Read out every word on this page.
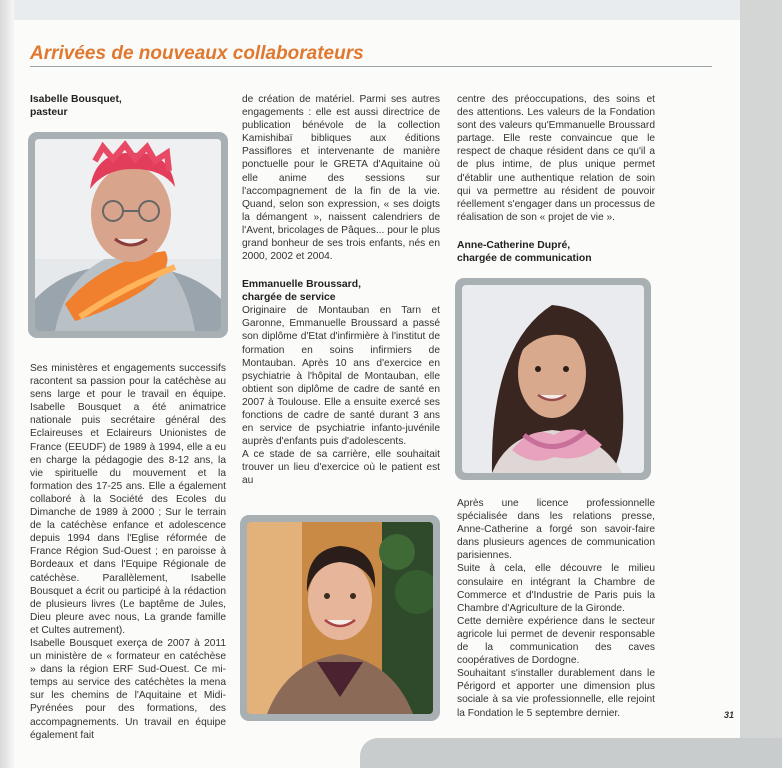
Arrivées de nouveaux collaborateurs
Isabelle Bousquet,
pasteur

Ses ministères et engagements successifs racontent sa passion pour la catéchèse au sens large et pour le travail en équipe. Isabelle Bousquet a été animatrice nationale puis secrétaire général des Eclaireuses et Eclaireurs Unionistes de France (EEUDF) de 1989 à 1994, elle a eu en charge la pédagogie des 8-12 ans, la vie spirituelle du mouvement et la formation des 17-25 ans. Elle a également collaboré à la Société des Ecoles du Dimanche de 1989 à 2000 ; Sur le terrain de la catéchèse enfance et adolescence depuis 1994 dans l'Eglise réformée de France Région Sud-Ouest ; en paroisse à Bordeaux et dans l'Equipe Régionale de catéchèse. Parallèlement, Isabelle Bousquet a écrit ou participé à la rédaction de plusieurs livres (Le baptême de Jules, Dieu pleure avec nous, La grande famille et Cultes autrement).

Isabelle Bousquet exerça de 2007 à 2011 un ministère de « formateur en catéchèse » dans la région ERF Sud-Ouest. Ce mi-temps au service des catéchètes la mena sur les chemins de l'Aquitaine et Midi-Pyrénées pour des formations, des accompagnements. Un travail en équipe également fait

de création de matériel. Parmi ses autres engagements : elle est aussi directrice de publication bénévole de la collection Kamishibaï bibliques aux éditions Passiflores et intervenante de manière ponctuelle pour le GRETA d'Aquitaine où elle anime des sessions sur l'accompagnement de la fin de la vie. Quand, selon son expression, « ses doigts la démangent », naissent calendriers de l'Avent, bricolages de Pâques... pour le plus grand bonheur de ses trois enfants, nés en 2000, 2002 et 2004.

Emmanuelle Broussard,
chargée de service

Originaire de Montauban en Tarn et Garonne, Emmanuelle Broussard a passé son diplôme d'Etat d'infirmière à l'institut de formation en soins infirmiers de Montauban. Après 10 ans d'exercice en psychiatrie à l'hôpital de Montauban, elle obtient son diplôme de cadre de santé en 2007 à Toulouse. Elle a ensuite exercé ses fonctions de cadre de santé durant 3 ans en service de psychiatrie infanto-juvénile auprès d'enfants puis d'adolescents.

A ce stade de sa carrière, elle souhaitait trouver un lieu d'exercice où le patient est au

centre des préoccupations, des soins et des attentions. Les valeurs de la Fondation sont des valeurs qu'Emmanuelle Broussard partage. Elle reste convaincue que le respect de chaque résident dans ce qu'il a de plus intime, de plus unique permet d'établir une authentique relation de soin qui va permettre au résident de pouvoir réellement s'engager dans un processus de réalisation de son « projet de vie ».

Anne-Catherine Dupré,
chargée de communication

Après une licence professionnelle spécialisée dans les relations presse, Anne-Catherine a forgé son savoir-faire dans plusieurs agences de communication parisiennes.

Suite à cela, elle découvre le milieu consulaire en intégrant la Chambre de Commerce et d'Industrie de Paris puis la Chambre d'Agriculture de la Gironde.

Cette dernière expérience dans le secteur agricole lui permet de devenir responsable de la communication des caves coopératives de Dordogne.

Souhaitant s'installer durablement dans le Périgord et apporter une dimension plus sociale à sa vie professionnelle, elle rejoint la Fondation le 5 septembre dernier.	31
